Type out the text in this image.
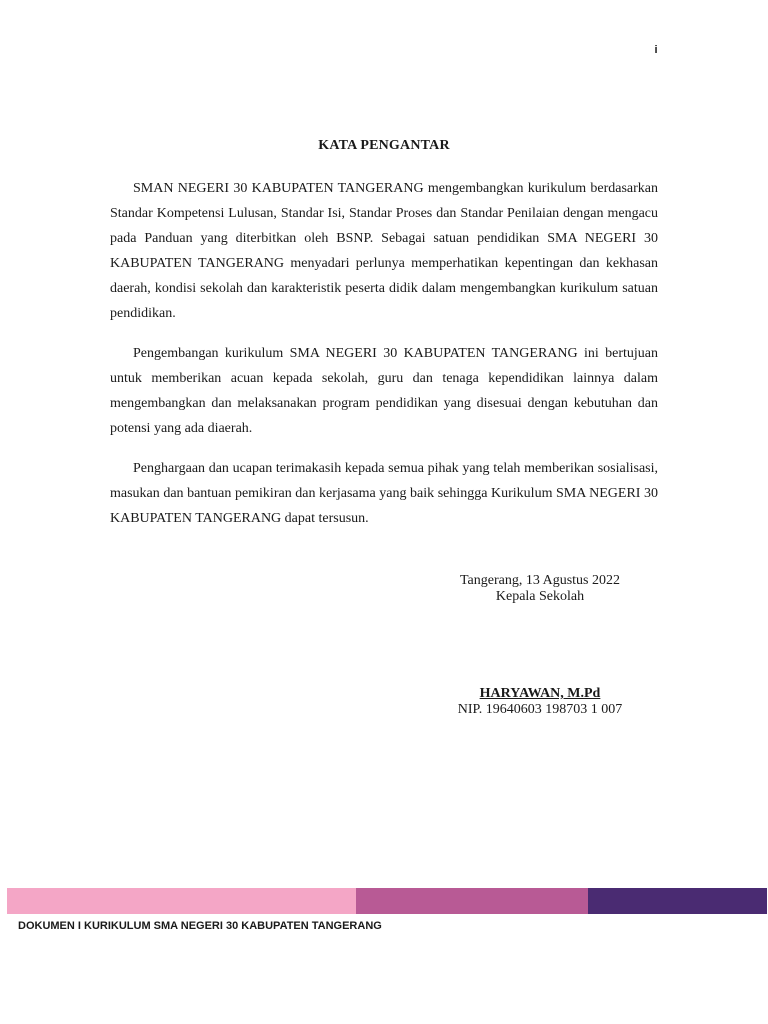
i
KATA PENGANTAR

SMAN NEGERI 30 KABUPATEN TANGERANG mengembangkan kurikulum berdasarkan Standar Kompetensi Lulusan, Standar Isi, Standar Proses dan Standar Penilaian dengan mengacu pada Panduan yang diterbitkan oleh BSNP. Sebagai satuan pendidikan SMA NEGERI 30 KABUPATEN TANGERANG menyadari perlunya memperhatikan kepentingan dan kekhasan daerah, kondisi sekolah dan karakteristik peserta didik dalam mengembangkan kurikulum satuan pendidikan.

Pengembangan kurikulum SMA NEGERI 30 KABUPATEN TANGERANG ini bertujuan untuk memberikan acuan kepada sekolah, guru dan tenaga kependidikan lainnya dalam mengembangkan dan melaksanakan program pendidikan yang disesuai dengan kebutuhan dan potensi yang ada diaerah.

Penghargaan dan ucapan terimakasih kepada semua pihak yang telah memberikan sosialisasi, masukan dan bantuan pemikiran dan kerjasama yang baik sehingga Kurikulum SMA NEGERI 30 KABUPATEN TANGERANG dapat tersusun.

Tangerang, 13 Agustus 2022
Kepala Sekolah
HARYAWAN, M.Pd
NIP. 19640603 198703 1 007
DOKUMEN I KURIKULUM SMA NEGERI 30 KABUPATEN TANGERANG
